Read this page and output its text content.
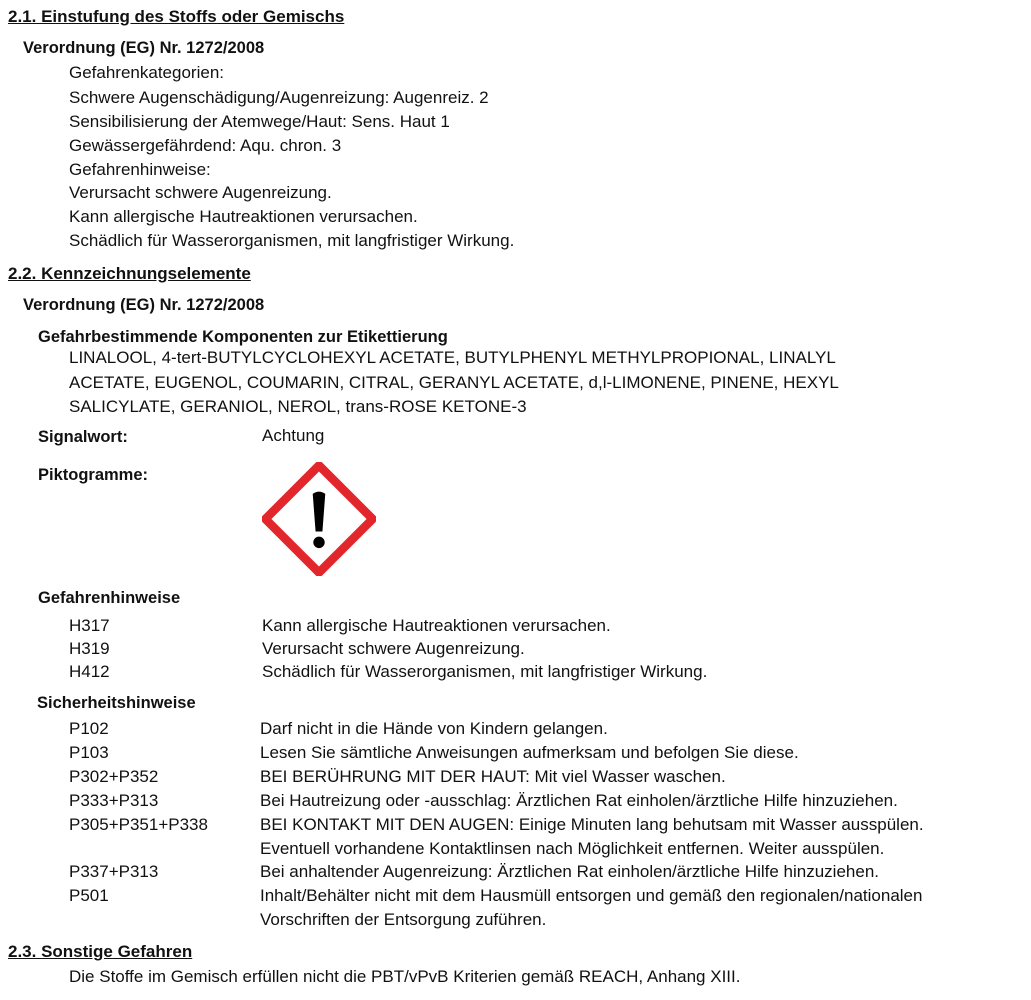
2.1. Einstufung des Stoffs oder Gemischs
Verordnung (EG) Nr. 1272/2008
Gefahrenkategorien:
Schwere Augenschädigung/Augenreizung: Augenreiz. 2
Sensibilisierung der Atemwege/Haut: Sens. Haut 1
Gewässergefährdend: Aqu. chron. 3
Gefahrenhinweise:
Verursacht schwere Augenreizung.
Kann allergische Hautreaktionen verursachen.
Schädlich für Wasserorganismen, mit langfristiger Wirkung.
2.2. Kennzeichnungselemente
Verordnung (EG) Nr. 1272/2008
Gefahrbestimmende Komponenten zur Etikettierung
LINALOOL, 4-tert-BUTYLCYCLOHEXYL ACETATE, BUTYLPHENYL METHYLPROPIONAL, LINALYL
ACETATE, EUGENOL, COUMARIN, CITRAL, GERANYL ACETATE, d,l-LIMONENE, PINENE, HEXYL
SALICYLATE, GERANIOL, NEROL, trans-ROSE KETONE-3
Signalwort:	Achtung
Piktogramme:
Gefahrenhinweise
H317	Kann allergische Hautreaktionen verursachen.
H319	Verursacht schwere Augenreizung.
H412	Schädlich für Wasserorganismen, mit langfristiger Wirkung.
Sicherheitshinweise
P102	Darf nicht in die Hände von Kindern gelangen.
P103	Lesen Sie sämtliche Anweisungen aufmerksam und befolgen Sie diese.
P302+P352	BEI BERÜHRUNG MIT DER HAUT: Mit viel Wasser waschen.
P333+P313	Bei Hautreizung oder -ausschlag: Ärztlichen Rat einholen/ärztliche Hilfe hinzuziehen.
P305+P351+P338	BEI KONTAKT MIT DEN AUGEN: Einige Minuten lang behutsam mit Wasser ausspülen.
Eventuell vorhandene Kontaktlinsen nach Möglichkeit entfernen. Weiter ausspülen.
P337+P313	Bei anhaltender Augenreizung: Ärztlichen Rat einholen/ärztliche Hilfe hinzuziehen.
P501	Inhalt/Behälter nicht mit dem Hausmüll entsorgen und gemäß den regionalen/nationalen
Vorschriften der Entsorgung zuführen.
2.3. Sonstige Gefahren
Die Stoffe im Gemisch erfüllen nicht die PBT/vPvB Kriterien gemäß REACH, Anhang XIII.
